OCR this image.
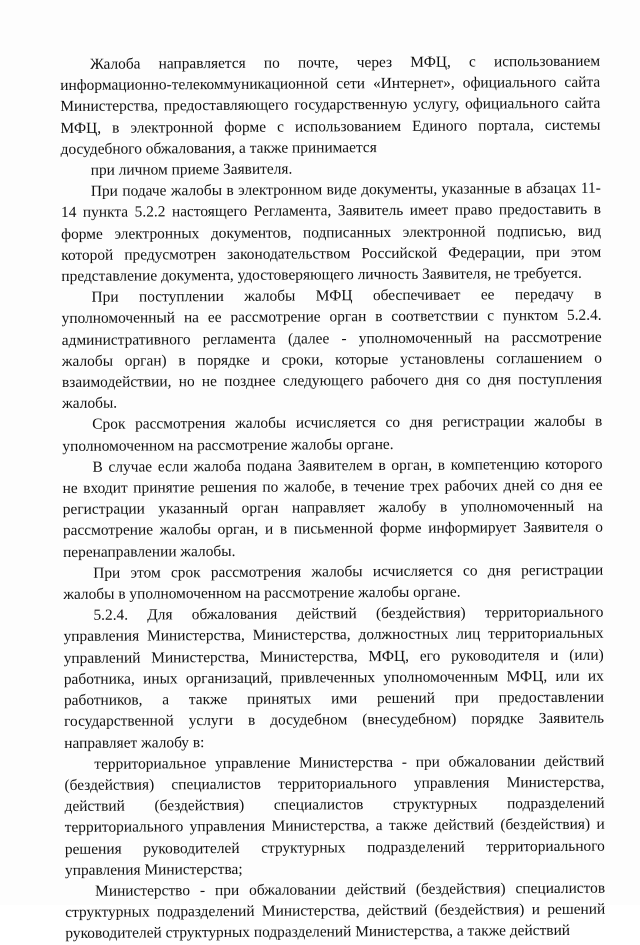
Жалоба направляется по почте, через МФЦ, с использованием информационно-телекоммуникационной сети «Интернет», официального сайта Министерства, предоставляющего государственную услугу, официального сайта МФЦ, в электронной форме с использованием Единого портала, системы досудебного обжалования, а также принимается

при личном приеме Заявителя.

При подаче жалобы в электронном виде документы, указанные в абзацах 11-14 пункта 5.2.2 настоящего Регламента, Заявитель имеет право предоставить в форме электронных документов, подписанных электронной подписью, вид которой предусмотрен законодательством Российской Федерации, при этом представление документа, удостоверяющего личность Заявителя, не требуется.

При поступлении жалобы МФЦ обеспечивает ее передачу в уполномоченный на ее рассмотрение орган в соответствии с пунктом 5.2.4. административного регламента (далее - уполномоченный на рассмотрение жалобы орган) в порядке и сроки, которые установлены соглашением о взаимодействии, но не позднее следующего рабочего дня со дня поступления жалобы.

Срок рассмотрения жалобы исчисляется со дня регистрации жалобы в уполномоченном на рассмотрение жалобы органе.

В случае если жалоба подана Заявителем в орган, в компетенцию которого не входит принятие решения по жалобе, в течение трех рабочих дней со дня ее регистрации указанный орган направляет жалобу в уполномоченный на рассмотрение жалобы орган, и в письменной форме информирует Заявителя о перенаправлении жалобы.

При этом срок рассмотрения жалобы исчисляется со дня регистрации жалобы в уполномоченном на рассмотрение жалобы органе.

5.2.4. Для обжалования действий (бездействия) территориального управления Министерства, Министерства, должностных лиц территориальных управлений Министерства, Министерства, МФЦ, его руководителя и (или) работника, иных организаций, привлеченных уполномоченным МФЦ, или их работников, а также принятых ими решений при предоставлении государственной услуги в досудебном (внесудебном) порядке Заявитель направляет жалобу в:

территориальное управление Министерства - при обжаловании действий (бездействия) специалистов территориального управления Министерства, действий (бездействия) специалистов структурных подразделений территориального управления Министерства, а также действий (бездействия) и решения руководителей структурных подразделений территориального управления Министерства;

Министерство - при обжаловании действий (бездействия) специалистов структурных подразделений Министерства, действий (бездействия) и решений руководителей структурных подразделений Министерства, а также действий
